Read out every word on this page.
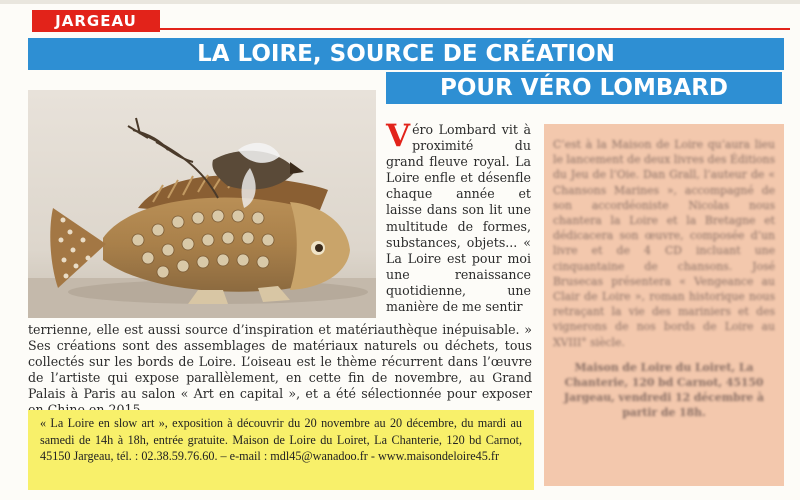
JARGEAU
LA LOIRE, SOURCE DE CRÉATION
POUR VÉRO LOMBARD
Véro Lombard vit à proximité du grand fleuve royal. La Loire enfle et désenfle chaque année et laisse dans son lit une multitude de formes, substances, objets... « La Loire est pour moi une renaissance quotidienne, une manière de me sentir

terrienne, elle est aussi source d’inspiration et matériauthèque inépuisable. » Ses créations sont des assemblages de matériaux naturels ou déchets, tous collectés sur les bords de Loire. L’oiseau est le thème récurrent dans l’œuvre de l’artiste qui expose parallèlement, en cette fin de novembre, au Grand Palais à Paris au salon « Art en capital », et a été sélectionnée pour exposer

« La Loire en slow art », exposition à découvrir du 20 novembre au 20 décembre, du mardi au samedi de 14h à 18h, entrée gratuite. Maison de Loire du Loiret, La Chanterie, 120 bd Carnot, 45150 Jargeau, tél. : 02.38.59.76.60. – e-mail : mdl45@wanadoo.fr - www.maisondeloire45.fr
C’est à la Maison de Loire qu’aura lieu le lancement de deux livres des Éditions du Jeu de l’Oie. Dan Grall, l’auteur de « Chansons Marines », accompagné de son accordéoniste Nicolas nous chantera la Loire et la Bretagne et dédicacera son œuvre, composée d’un livre et de 4 CD incluant une cinquantaine de chansons. José Brusecas présentera « Vengeance au Clair de Loire », roman historique nous retraçant la vie des mariniers et des vignerons de nos bords de Loire au XVIII° siècle.
Maison de Loire du Loiret, La Chanterie, 120 bd Carnot, 45150 Jargeau, vendredi 12 décembre à partir de 18h.
